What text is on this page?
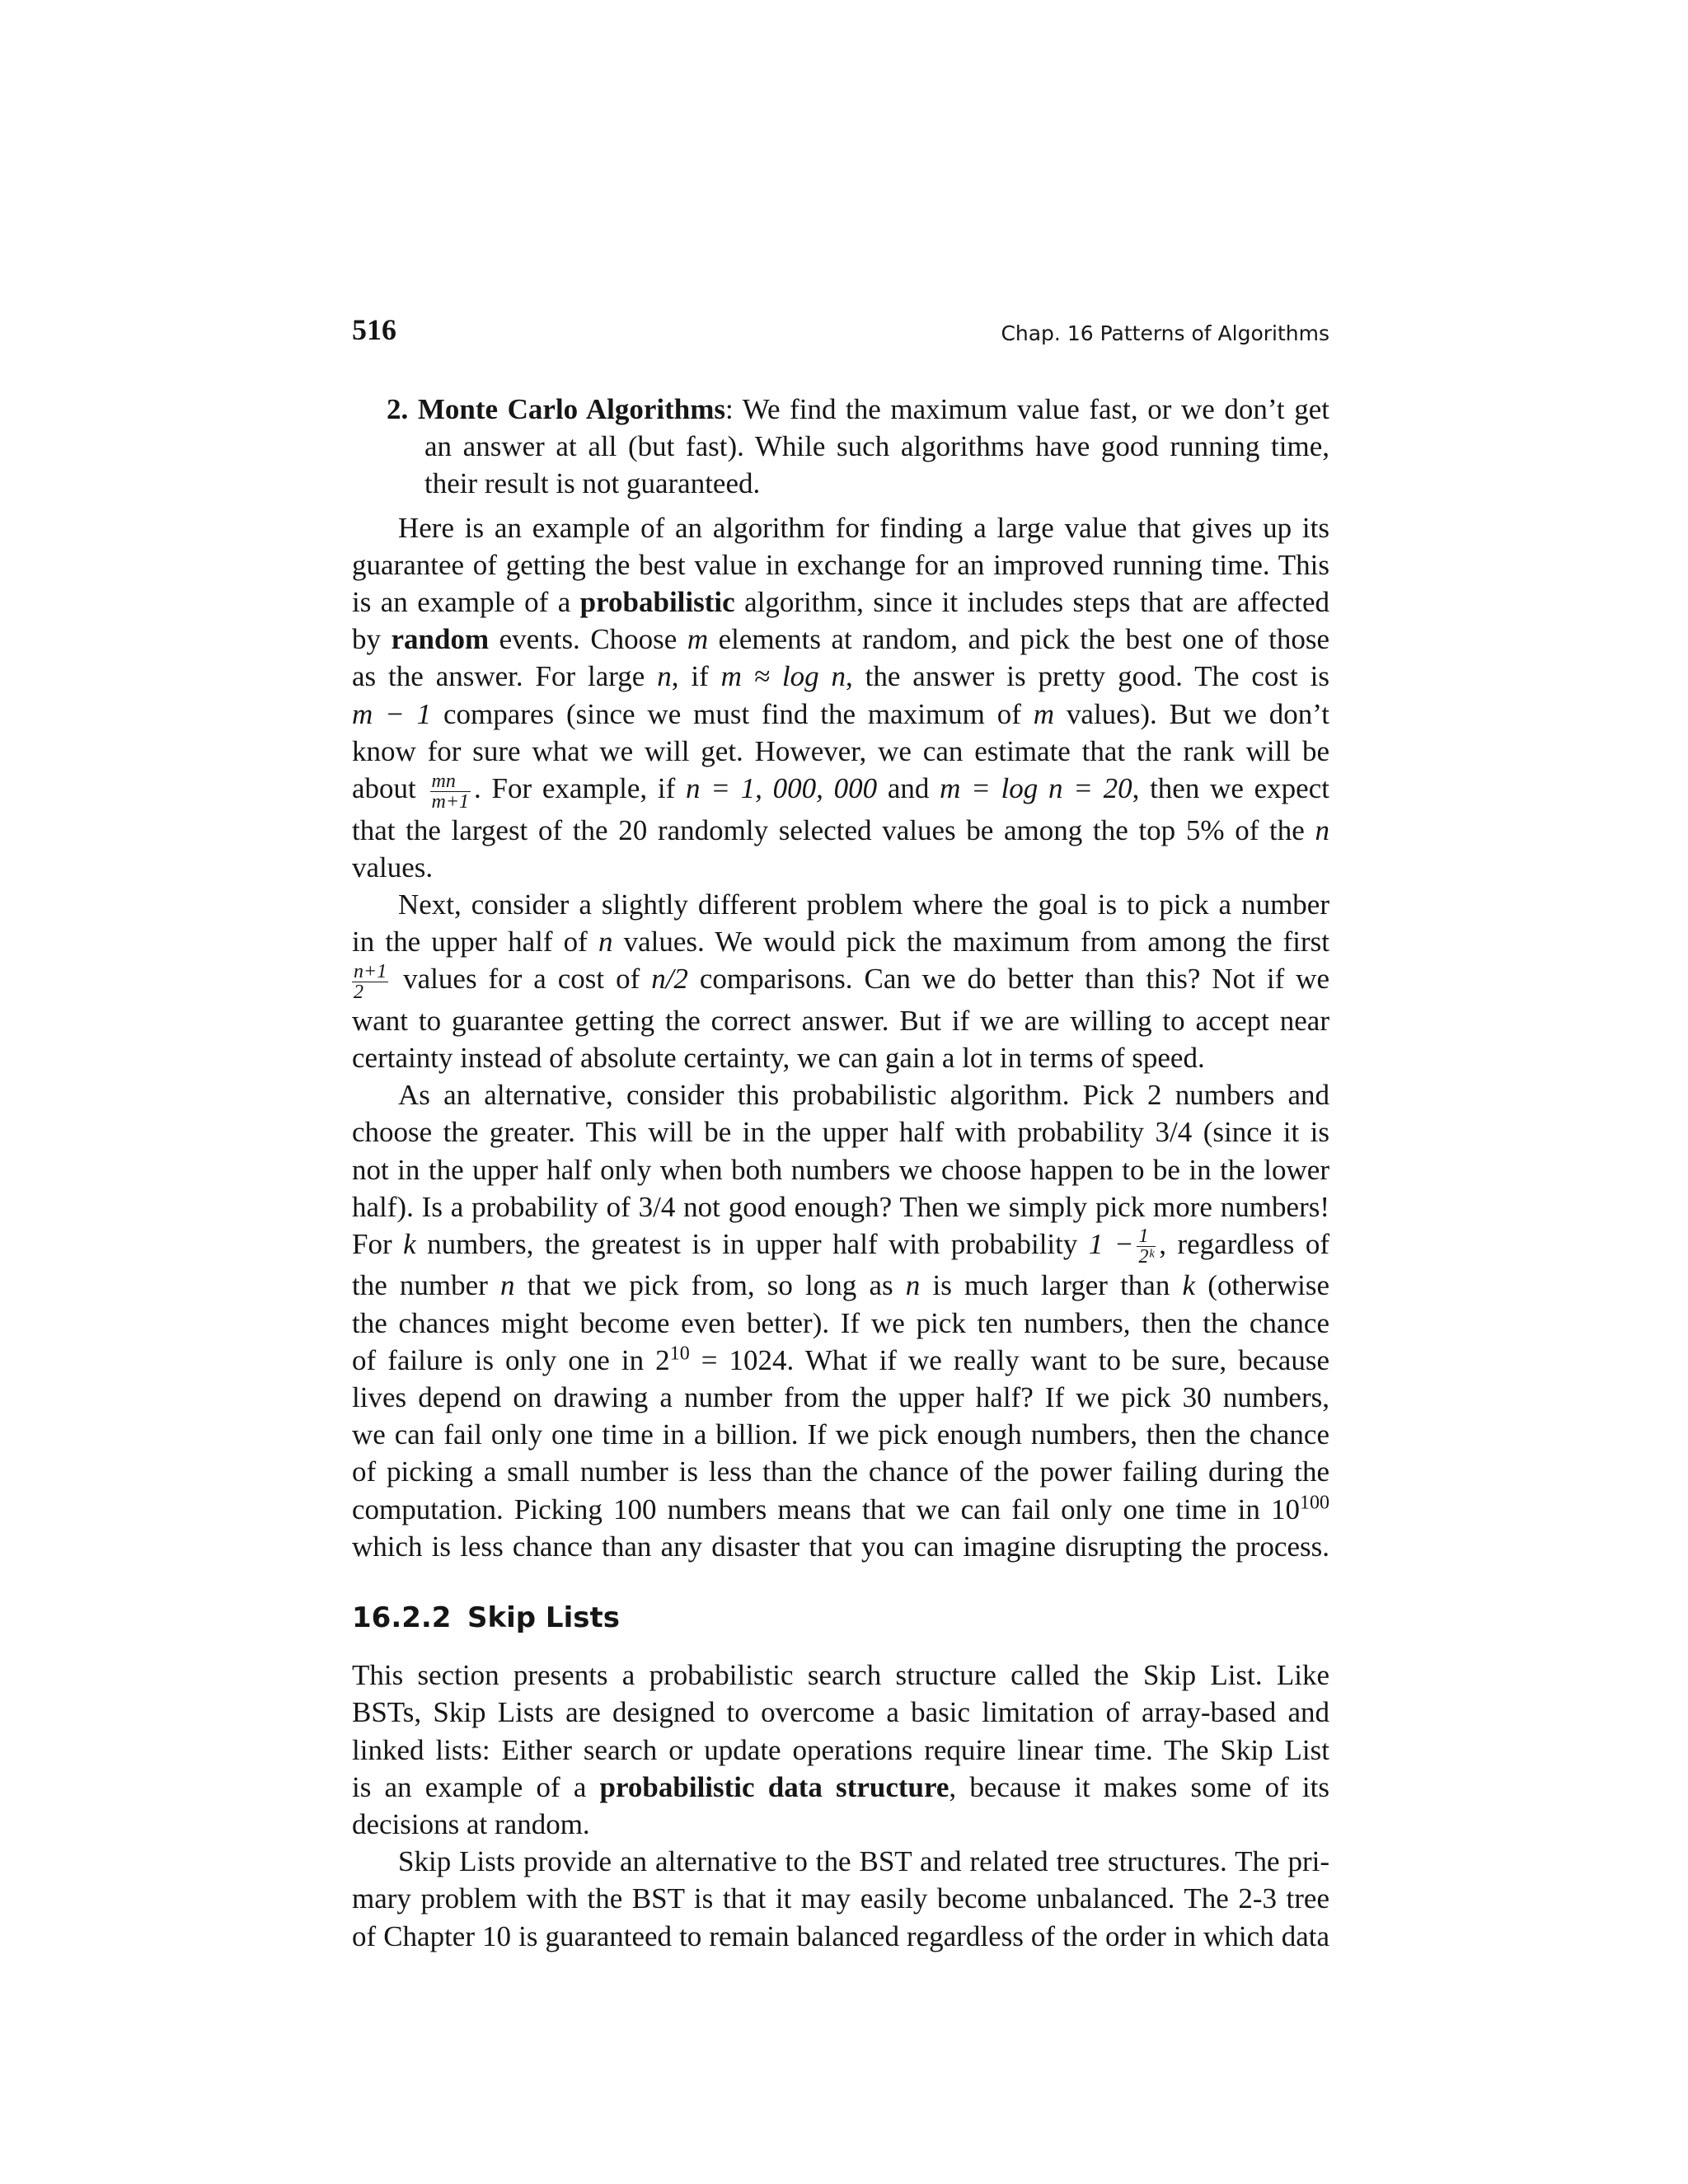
516	Chap. 16 Patterns of Algorithms
2. Monte Carlo Algorithms: We find the maximum value fast, or we don’t get
an answer at all (but fast). While such algorithms have good running time,
their result is not guaranteed.
Here is an example of an algorithm for finding a large value that gives up its
guarantee of getting the best value in exchange for an improved running time. This
is an example of a probabilistic algorithm, since it includes steps that are affected
by random events. Choose m elements at random, and pick the best one of those
as the answer. For large n, if m ≈ log n, the answer is pretty good. The cost is
m − 1 compares (since we must find the maximum of m values). But we don’t
know for sure what we will get. However, we can estimate that the rank will be
about $\frac{mn}{m+1}$ . For example, if n = 1, 000, 000 and m = log n = 20, then we expect
that the largest of the 20 randomly selected values be among the top 5% of the n
values.
Next, consider a slightly different problem where the goal is to pick a number
in the upper half of n values. We would pick the maximum from among the first
$\frac{n+1}{2}$ values for a cost of n/2 comparisons. Can we do better than this? Not if we
want to guarantee getting the correct answer. But if we are willing to accept near
certainty instead of absolute certainty, we can gain a lot in terms of speed.
As an alternative, consider this probabilistic algorithm. Pick 2 numbers and
choose the greater. This will be in the upper half with probability 3/4 (since it is
not in the upper half only when both numbers we choose happen to be in the lower
half). Is a probability of 3/4 not good enough? Then we simply pick more numbers!
For k numbers, the greatest is in upper half with probability $1 - \frac{1}{\text{2ᵏ}}$ , regardless of
the number n that we pick from, so long as n is much larger than k (otherwise
the chances might become even better). If we pick ten numbers, then the chance
of failure is only one in $2^{10} = 1024$. What if we really want to be sure, because
lives depend on drawing a number from the upper half? If we pick 30 numbers,
we can fail only one time in a billion. If we pick enough numbers, then the chance
of picking a small number is less than the chance of the power failing during the
computation. Picking 100 numbers means that we can fail only one time in $10^{100}$
which is less chance than any disaster that you can imagine disrupting the process.

16.2.2 Skip Lists

This section presents a probabilistic search structure called the Skip List. Like
BSTs, Skip Lists are designed to overcome a basic limitation of array-based and
linked lists: Either search or update operations require linear time. The Skip List
is an example of a probabilistic data structure, because it makes some of its
decisions at random.
Skip Lists provide an alternative to the BST and related tree structures. The pri-
mary problem with the BST is that it may easily become unbalanced. The 2-3 tree
of Chapter 10 is guaranteed to remain balanced regardless of the order in which data
